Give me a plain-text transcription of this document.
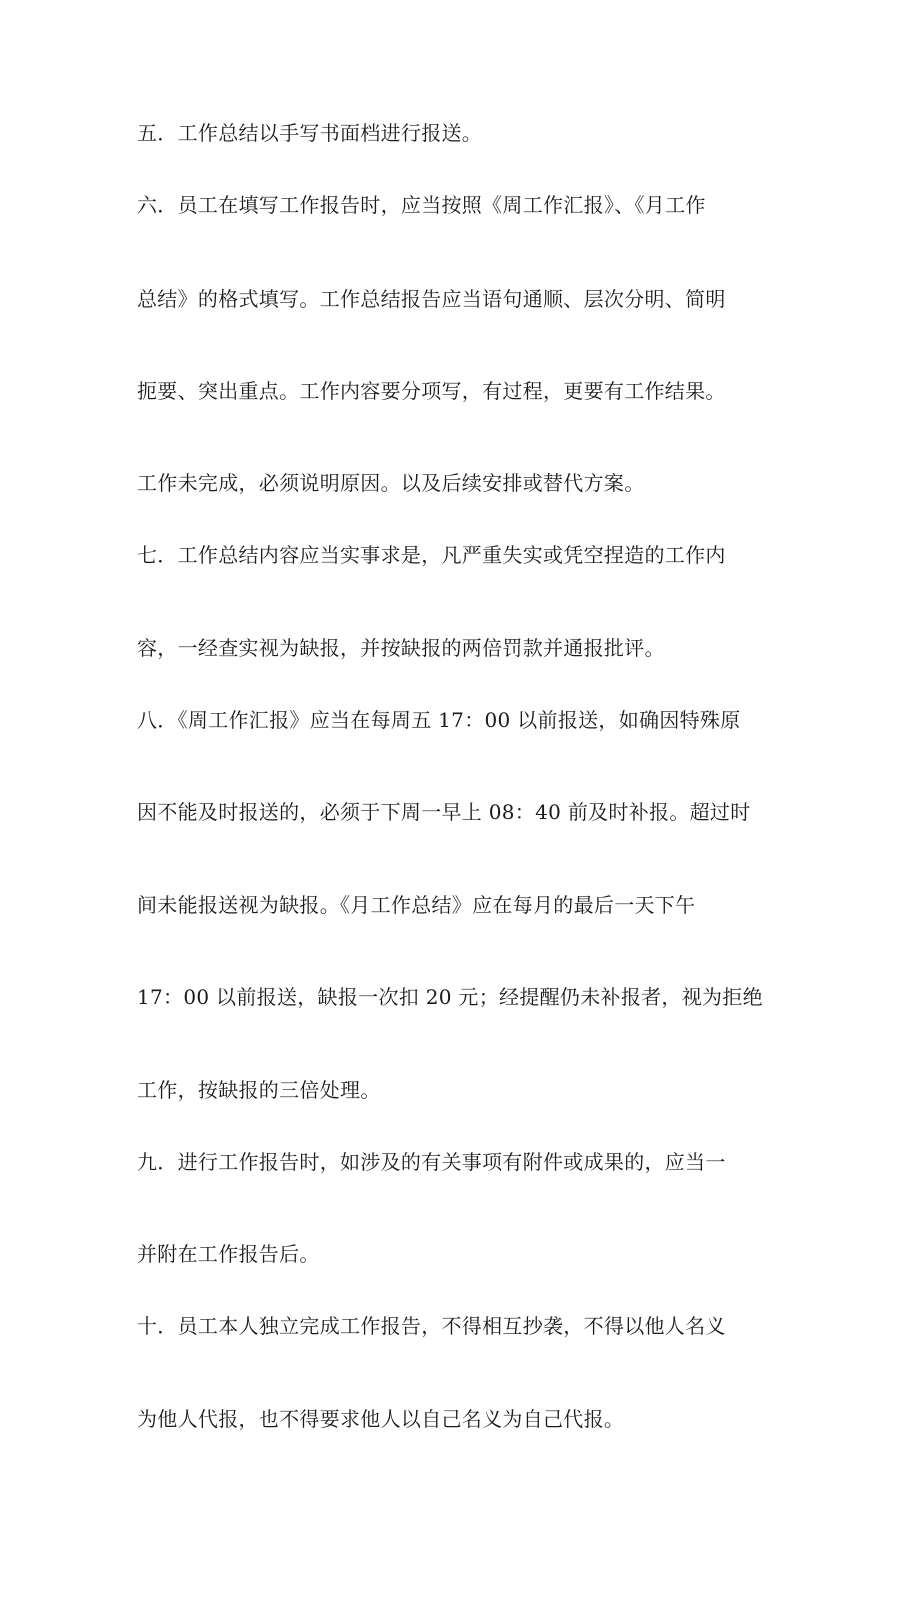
五．工作总结以手写书面档进行报送。
六．员工在填写工作报告时，应当按照《周工作汇报》、《月工作
总结》的格式填写。工作总结报告应当语句通顺、层次分明、简明
扼要、突出重点。工作内容要分项写，有过程，更要有工作结果。
工作未完成，必须说明原因。以及后续安排或替代方案。
七．工作总结内容应当实事求是，凡严重失实或凭空捏造的工作内
容，一经查实视为缺报，并按缺报的两倍罚款并通报批评。
八．《周工作汇报》应当在每周五 17：00 以前报送，如确因特殊原
因不能及时报送的，必须于下周一早上 08：40 前及时补报。超过时
间未能报送视为缺报。《月工作总结》应在每月的最后一天下午
17：00 以前报送，缺报一次扣 20 元；经提醒仍未补报者，视为拒绝
工作，按缺报的三倍处理。
九．进行工作报告时，如涉及的有关事项有附件或成果的，应当一
并附在工作报告后。
十．员工本人独立完成工作报告，不得相互抄袭，不得以他人名义
为他人代报，也不得要求他人以自己名义为自己代报。
